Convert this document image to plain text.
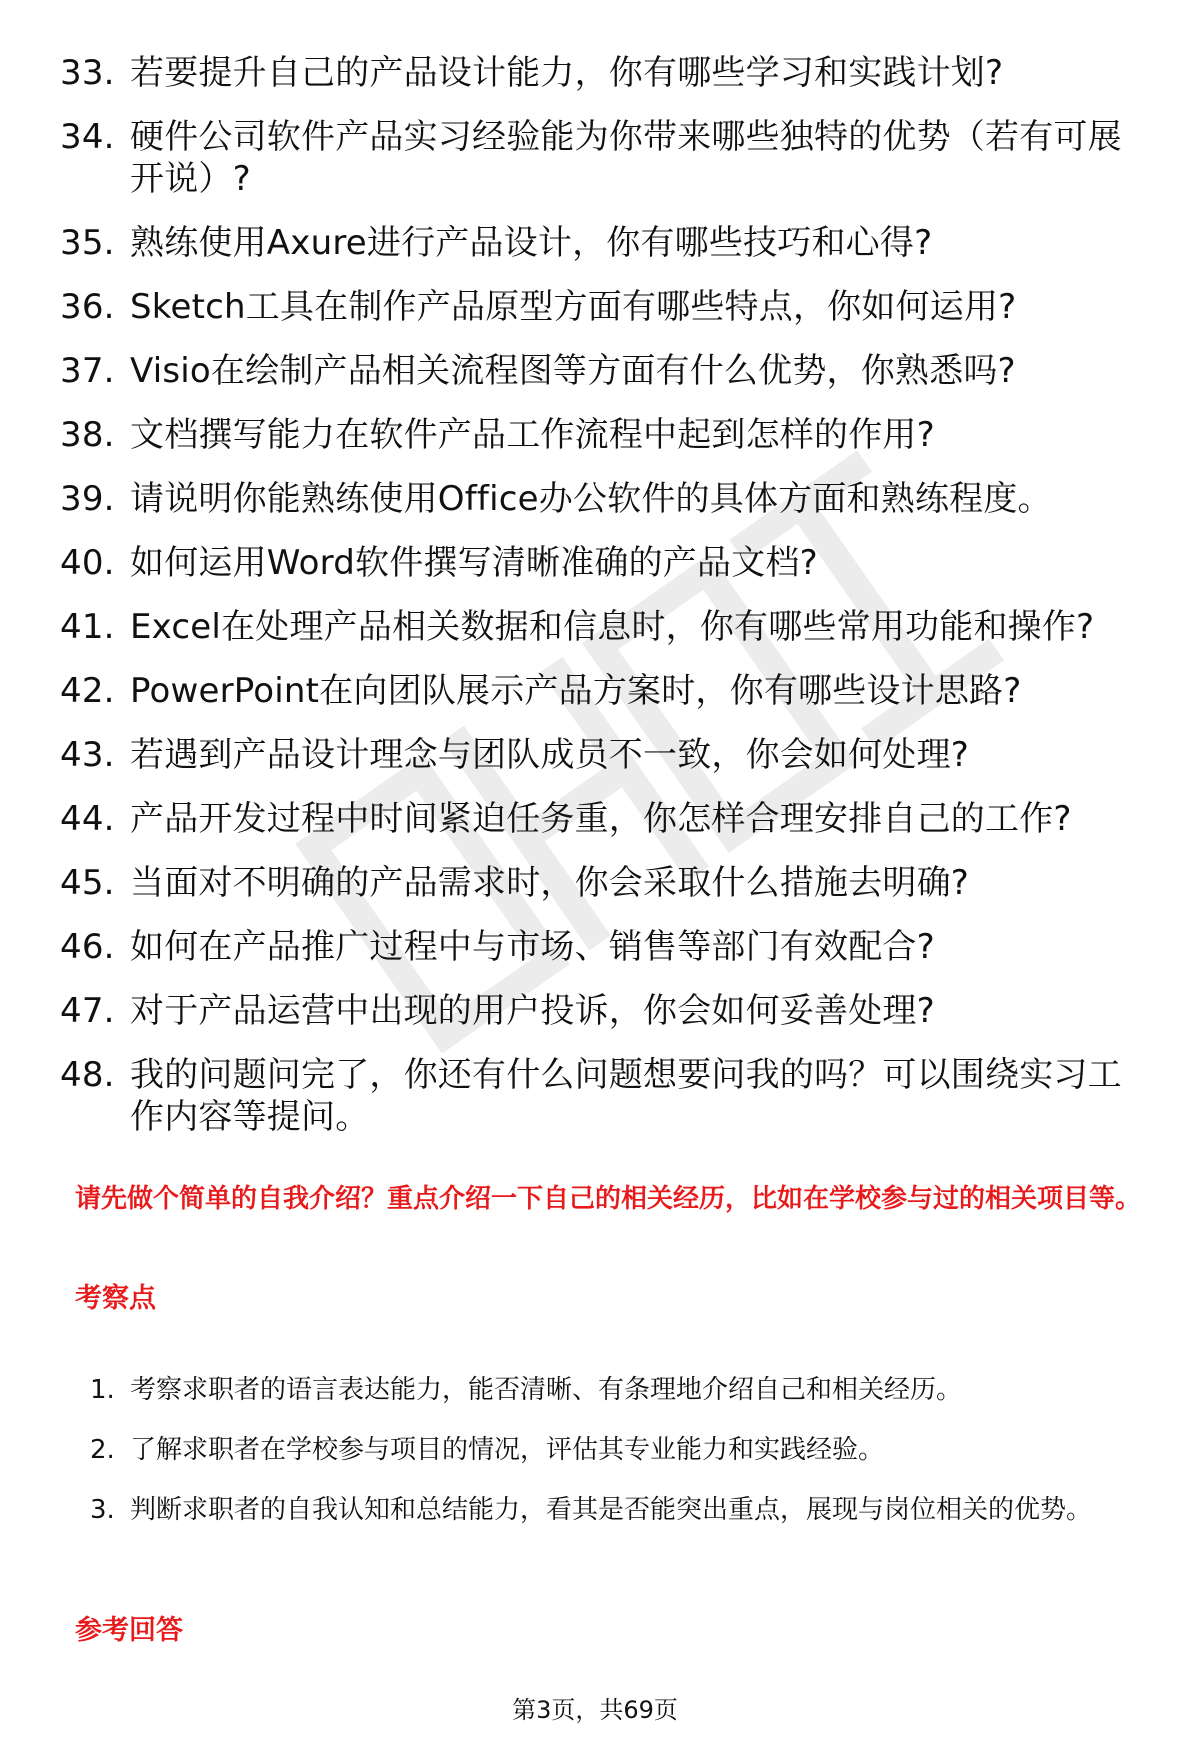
33. 若要提升自己的产品设计能力，你有哪些学习和实践计划?
34. 硬件公司软件产品实习经验能为你带来哪些独特的优势（若有可展开说）?
35. 熟练使用Axure进行产品设计，你有哪些技巧和心得?
36. Sketch工具在制作产品原型方面有哪些特点，你如何运用?
37. Visio在绘制产品相关流程图等方面有什么优势，你熟悉吗?
38. 文档撰写能力在软件产品工作流程中起到怎样的作用?
39. 请说明你能熟练使用Office办公软件的具体方面和熟练程度。
40. 如何运用Word软件撰写清晰准确的产品文档?
41. Excel在处理产品相关数据和信息时，你有哪些常用功能和操作?
42. PowerPoint在向团队展示产品方案时，你有哪些设计思路?
43. 若遇到产品设计理念与团队成员不一致，你会如何处理?
44. 产品开发过程中时间紧迫任务重，你怎样合理安排自己的工作?
45. 当面对不明确的产品需求时，你会采取什么措施去明确?
46. 如何在产品推广过程中与市场、销售等部门有效配合?
47. 对于产品运营中出现的用户投诉，你会如何妥善处理?
48. 我的问题问完了，你还有什么问题想要问我的吗？可以围绕实习工作内容等提问。
请先做个简单的自我介绍？重点介绍一下自己的相关经历，比如在学校参与过的相关项目等。
考察点
1. 考察求职者的语言表达能力，能否清晰、有条理地介绍自己和相关经历。
2. 了解求职者在学校参与项目的情况，评估其专业能力和实践经验。
3. 判断求职者的自我认知和总结能力，看其是否能突出重点，展现与岗位相关的优势。
参考回答
第3页，共69页
